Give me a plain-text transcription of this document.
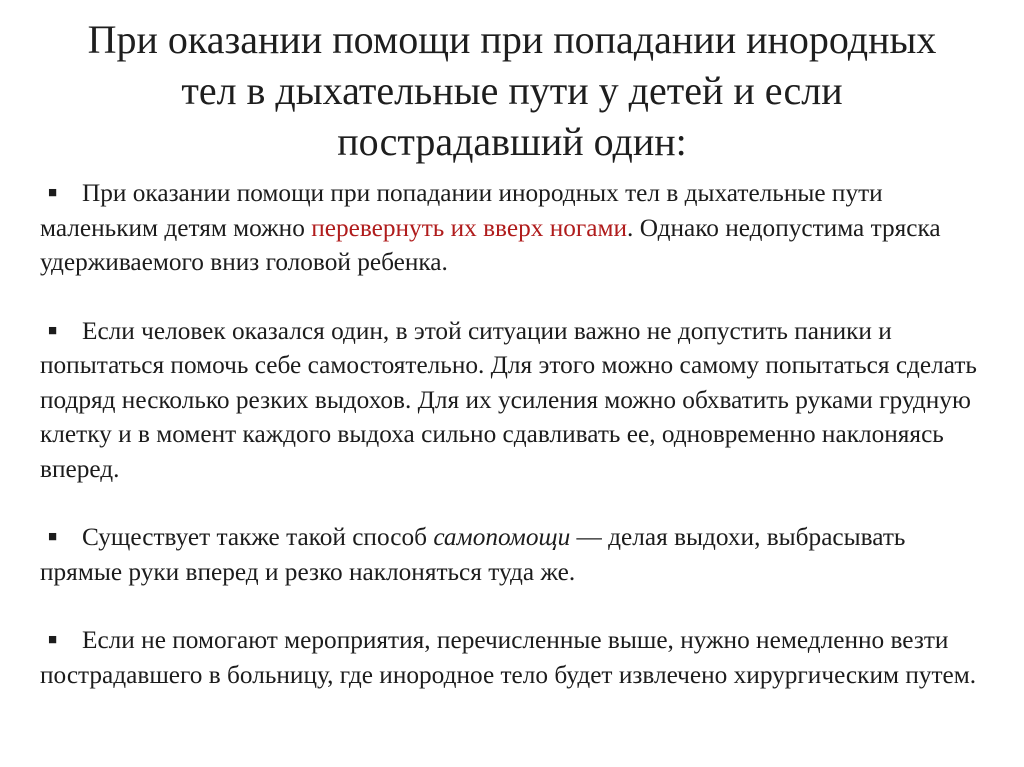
При оказании помощи при попадании инородных
тел в дыхательные пути у детей и если
пострадавший один:

■ При оказании помощи при попадании инородных тел в дыхательные пути маленьким детям можно перевернуть их вверх ногами. Однако недопустима тряска удерживаемого вниз головой ребенка.

■ Если человек оказался один, в этой ситуации важно не допустить паники и попытаться помочь себе самостоятельно. Для этого можно самому попытаться сделать подряд несколько резких выдохов. Для их усиления можно обхватить руками грудную клетку и в момент каждого выдоха сильно сдавливать ее, одновременно наклоняясь вперед.

■ Существует также такой способ самопомощи — делая выдохи, выбрасывать прямые руки вперед и резко наклоняться туда же.

■ Если не помогают мероприятия, перечисленные выше, нужно немедленно везти пострадавшего в больницу, где инородное тело будет извлечено хирургическим путем.
